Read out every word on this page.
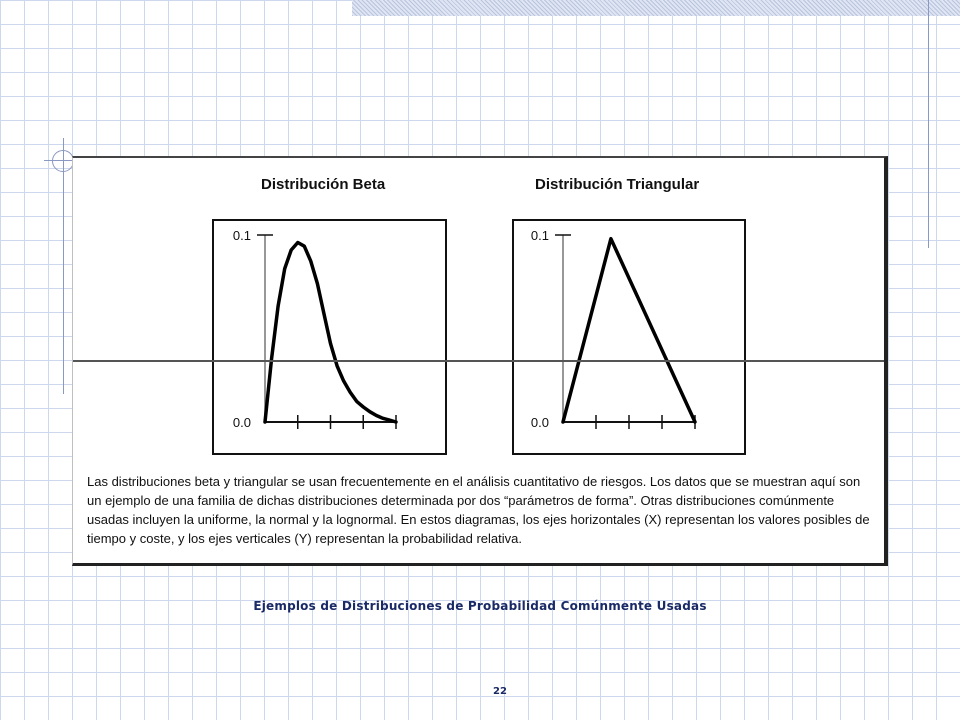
Distribución Beta
0.1
0.0
Distribución Triangular
0.1
0.0
Las distribuciones beta y triangular se usan frecuentemente en el análisis cuantitativo de riesgos. Los datos que se muestran aquí son un ejemplo de una familia de dichas distribuciones determinada por dos “parámetros de forma”. Otras distribuciones comúnmente usadas incluyen la uniforme, la normal y la lognormal. En estos diagramas, los ejes horizontales (X) representan los valores posibles de tiempo y coste, y los ejes verticales (Y) representan la probabilidad relativa.
Ejemplos de Distribuciones de Probabilidad Comúnmente Usadas
22
